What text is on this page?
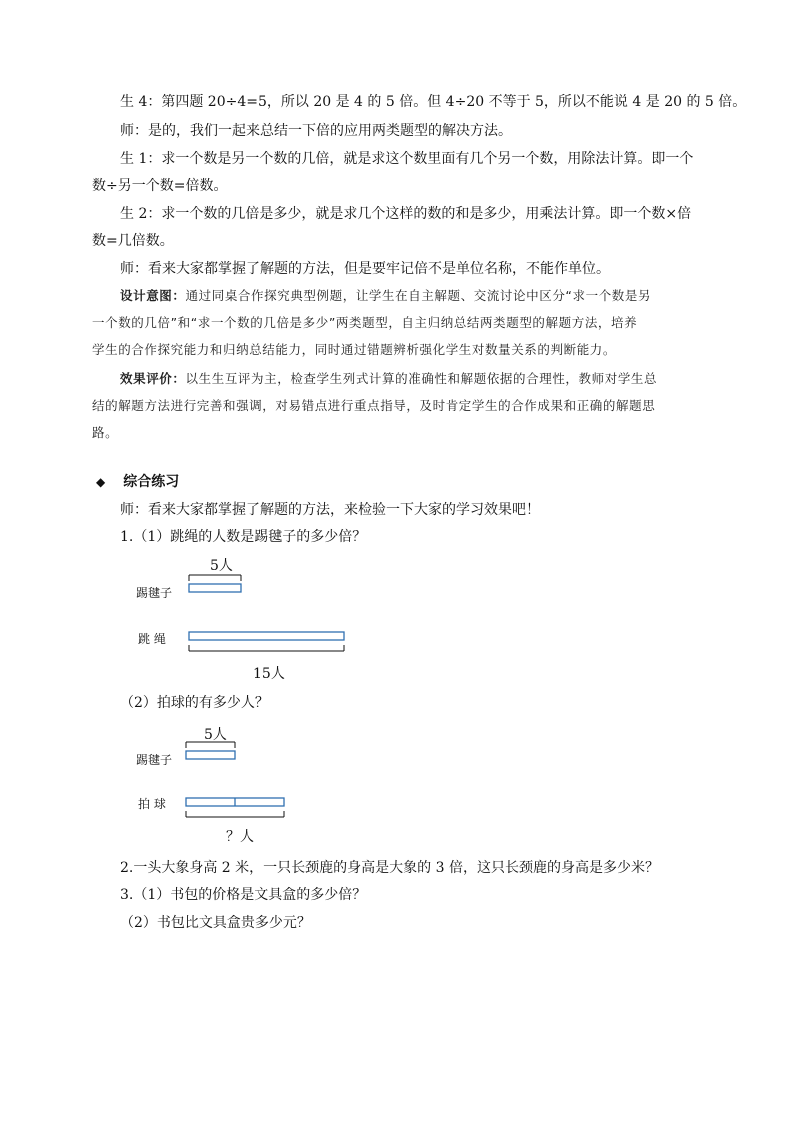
生 4：第四题 20÷4=5，所以 20 是 4 的 5 倍。但 4÷20 不等于 5，所以不能说 4 是 20 的 5 倍。
师：是的，我们一起来总结一下倍的应用两类题型的解决方法。
生 1：求一个数是另一个数的几倍，就是求这个数里面有几个另一个数，用除法计算。即一个
数÷另一个数=倍数。
生 2：求一个数的几倍是多少，就是求几个这样的数的和是多少，用乘法计算。即一个数×倍
数=几倍数。
师：看来大家都掌握了解题的方法，但是要牢记倍不是单位名称，不能作单位。
设计意图：通过同桌合作探究典型例题，让学生在自主解题、交流讨论中区分“求一个数是另
一个数的几倍”和“求一个数的几倍是多少”两类题型，自主归纳总结两类题型的解题方法，培养
学生的合作探究能力和归纳总结能力，同时通过错题辨析强化学生对数量关系的判断能力。
效果评价：以生生互评为主，检查学生列式计算的准确性和解题依据的合理性，教师对学生总
结的解题方法进行完善和强调，对易错点进行重点指导，及时肯定学生的合作成果和正确的解题思
路。
◆ 综合练习
师：看来大家都掌握了解题的方法，来检验一下大家的学习效果吧！
1.（1）跳绳的人数是踢毽子的多少倍？
5人
踢毽子
跳 绳
15人
（2）拍球的有多少人？
5人
踢毽子
拍 球
？人
2.一头大象身高 2 米，一只长颈鹿的身高是大象的 3 倍，这只长颈鹿的身高是多少米？
3.（1）书包的价格是文具盒的多少倍？
（2）书包比文具盒贵多少元？
